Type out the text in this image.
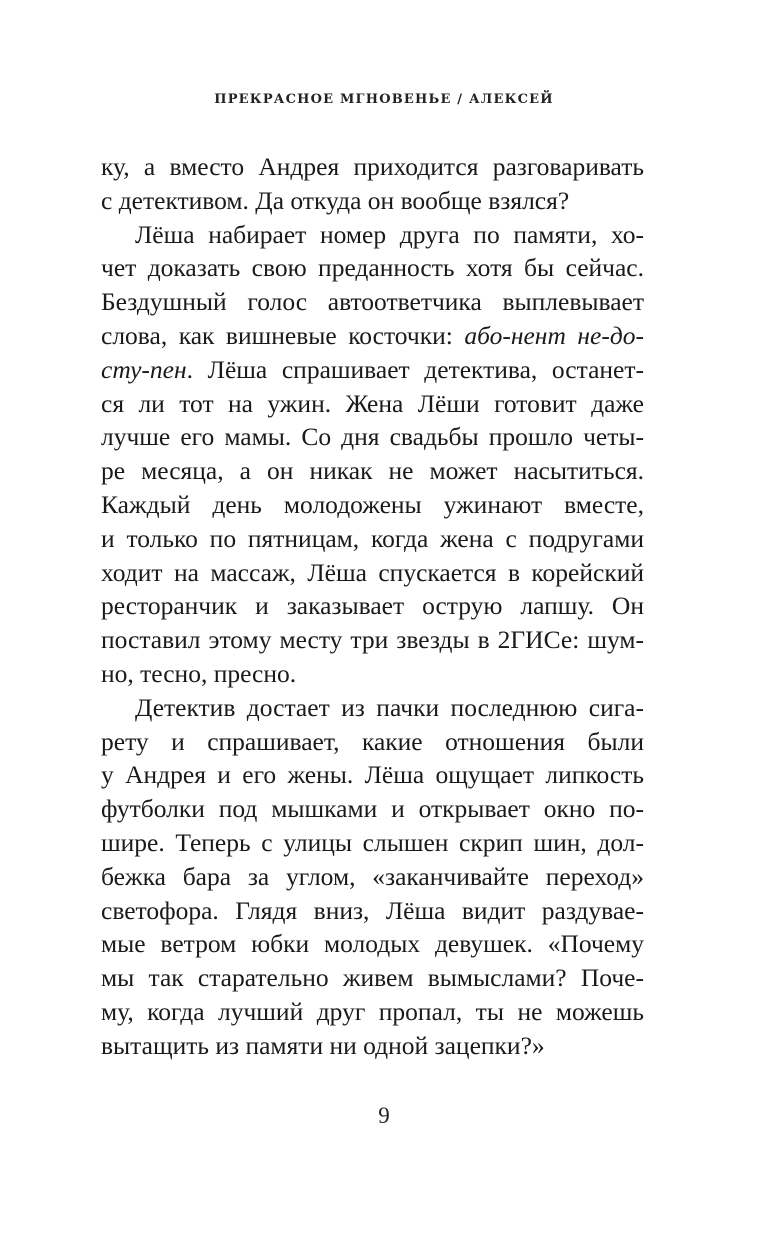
ПРЕКРАСНОЕ МГНОВЕНЬЕ / АЛЕКСЕЙ
ку, а вместо Андрея приходится разговаривать
с детективом. Да откуда он вообще взялся?
Лёша набирает номер друга по памяти, хо-
чет доказать свою преданность хотя бы сейчас.
Бездушный голос автоответчика выплевывает
слова, как вишневые косточки: або-нент не-до-
сту-пен. Лёша спрашивает детектива, останет-
ся ли тот на ужин. Жена Лёши готовит даже
лучше его мамы. Со дня свадьбы прошло четы-
ре месяца, а он никак не может насытиться.
Каждый день молодожены ужинают вместе,
и только по пятницам, когда жена с подругами
ходит на массаж, Лёша спускается в корейский
ресторанчик и заказывает острую лапшу. Он
поставил этому месту три звезды в 2ГИСе: шум-
но, тесно, пресно.
Детектив достает из пачки последнюю сига-
рету и спрашивает, какие отношения были
у Андрея и его жены. Лёша ощущает липкость
футболки под мышками и открывает окно по-
шире. Теперь с улицы слышен скрип шин, дол-
бежка бара за углом, «заканчивайте переход»
светофора. Глядя вниз, Лёша видит раздувае-
мые ветром юбки молодых девушек. «Почему
мы так старательно живем вымыслами? Поче-
му, когда лучший друг пропал, ты не можешь
вытащить из памяти ни одной зацепки?»
9
